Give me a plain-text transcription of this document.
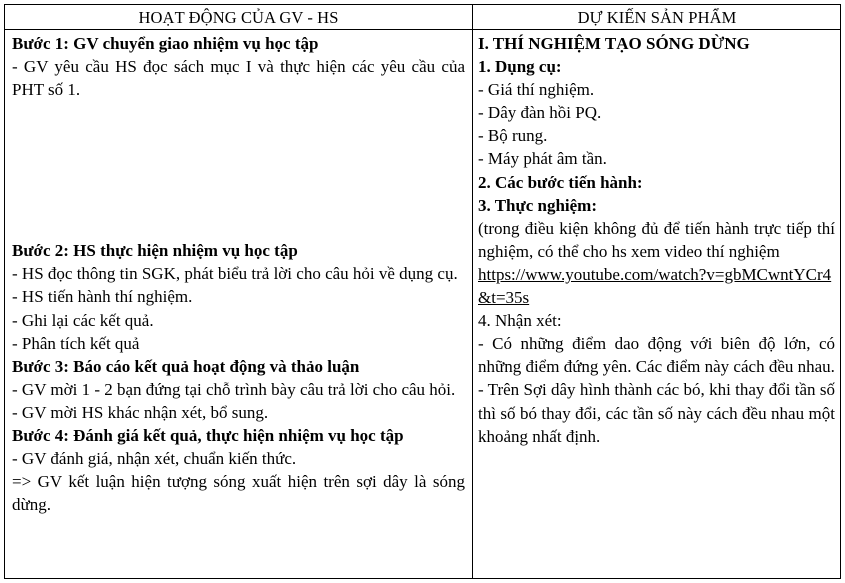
HOẠT ĐỘNG CỦA GV - HS	DỰ KIẾN SẢN PHẨM
Bước 1: GV chuyển giao nhiệm vụ học tập
- GV yêu cầu HS đọc sách mục I và thực hiện các yêu cầu của PHT số 1.
Bước 2: HS thực hiện nhiệm vụ học tập
- HS đọc thông tin SGK, phát biểu trả lời cho câu hỏi về dụng cụ.
- HS tiến hành thí nghiệm.
- Ghi lại các kết quả.
- Phân tích kết quả
Bước 3: Báo cáo kết quả hoạt động và thảo luận
- GV mời 1 - 2 bạn đứng tại chỗ trình bày câu trả lời cho câu hỏi.
- GV mời HS khác nhận xét, bổ sung.
Bước 4: Đánh giá kết quả, thực hiện nhiệm vụ học tập
- GV đánh giá, nhận xét, chuẩn kiến thức.
=> GV kết luận hiện tượng sóng xuất hiện trên sợi dây là sóng dừng.
I. THÍ NGHIỆM TẠO SÓNG DỪNG
1. Dụng cụ:
- Giá thí nghiệm.
- Dây đàn hồi PQ.
- Bộ rung.
- Máy phát âm tần.
2. Các bước tiến hành:
3. Thực nghiệm:
(trong điều kiện không đủ để tiến hành trực tiếp thí nghiệm, có thể cho hs xem video thí nghiệm
https://www.youtube.com/watch?v=gbMCwntYCr4&t=35s
4. Nhận xét:
- Có những điểm dao động với biên độ lớn, có những điểm đứng yên. Các điểm này cách đều nhau.
- Trên Sợi dây hình thành các bó, khi thay đổi tần số thì số bó thay đổi, các tần số này cách đều nhau một khoảng nhất định.
